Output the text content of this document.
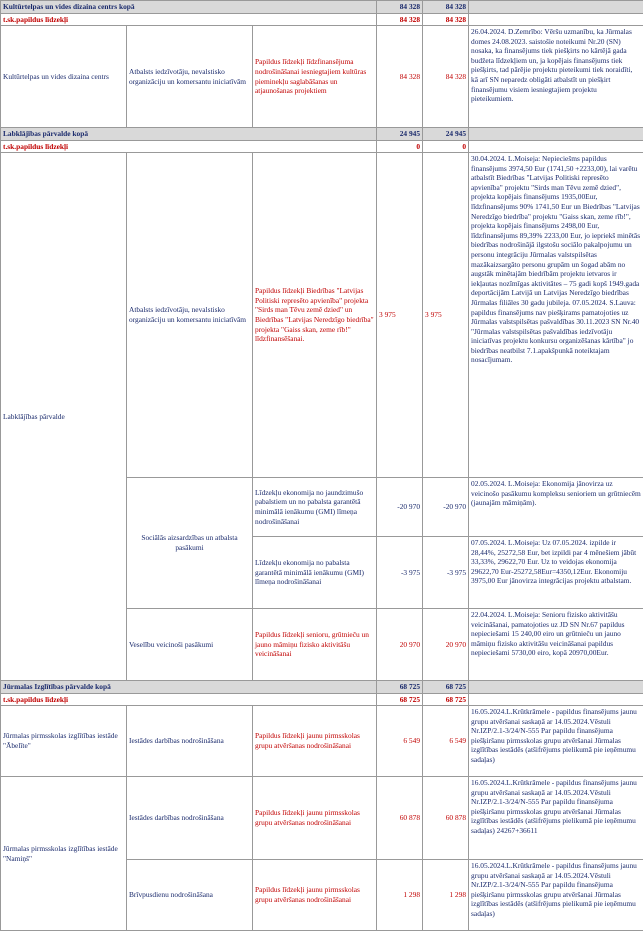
Kultūrtelpas un vides dizaina centrs kopā			84 328	84 328	
t.sk.papildus līdzekļi			84 328	84 328	
Kultūrtelpas un vides dizaina centrs	Atbalsts iedzīvotāju, nevalstisko organizāciju un komersantu iniciatīvām	Papildus līdzekļi līdzfinansējuma nodrošināšanai iesniegtajiem kultūras pieminekļu saglabāšanas un atjaunošanas projektiem	84 328	84 328	26.04.2024. D.Zemrībo: Vēršu uzmanību, ka Jūrmalas domes 24.08.2023. saistošie noteikumi Nr.20 (SN) nosaka, ka finansējums tiek piešķirts no kārtējā gada budžeta līdzekļiem un, ja kopējais finansējums tiek piešķirts, tad pārējie projektu pieteikumi tiek noraidīti, kā arī SN neparedz obligāti atbalstīt un piešķirt finansējumu visiem iesniegtajiem projektu pieteikumiem.
Labklājības pārvalde kopā			24 945	24 945	
t.sk.papildus līdzekļi			0	0	
Labklājības pārvalde	Atbalsts iedzīvotāju, nevalstisko organizāciju un komersantu iniciatīvām	Papildus līdzekļi Biedrības "Latvijas Politiski represēto apvienība" projekta "Sirds man Tēvu zemē dzied" un Biedrības "Latvijas Neredzīgo biedrība" projekta "Gaiss skan, zeme rīb!" līdzfinansēšanai.	3 975	3 975	30.04.2024. L.Moiseja: Nepieciešms papildus finansējums 3974,50 Eur (1741,50 +2233,00), lai varētu atbalstīt Biedrības "Latvijas Politiski represēto apvienība" projektu "Sirds man Tēvu zemē dzied", projekta kopējais finansējums 1935,00Eur, līdzfinansējums 90% 1741,50 Eur un Biedrības "Latvijas Neredzīgo biedrība" projektu "Gaiss skan, zeme rīb!", projekta kopējais finansējums 2498,00 Eur, līdzfinansējums 89,39% 2233,00 Eur, jo iepriekš minētās biedrības nodrošinājā ilgstošu sociālo pakalpojumu un personu integrāciju Jūrmalas valstspilsētas mazākaizsargāto personu grupām un šogad abām no augstāk minētajām biedrībām projektu ietvaros ir iekļautas nozīmīgas aktivitātes – 75 gadi kopš 1949.gada deportācijām Latvijā un Latvijas Neredzīgo biedrības Jūrmalas filiāles 30 gadu jubileja. 07.05.2024. S.Lauva: papildus finansējums nav piešķirams pamatojoties uz Jūrmalas valstspilsētas pašvaldības 30.11.2023 SN Nr.40 "Jūrmalas valstspilsētas pašvaldības iedzīvotāju iniciatīvas projektu konkursu organizēšanas kārtība" jo biedrības neatbilst 7.1.apakšpunkā noteiktajam nosacījumam.
	Sociālās aizsardzības un atbalsta pasākumi	Līdzekļu ekonomija no jaundzimušo pabalstiem un no pabalsta garantētā minimālā ienākumu (GMI) līmeņa nodrošināšanai	-20 970	-20 970	02.05.2024. L.Moiseja: Ekonomija jānovirza uz veicinošo pasākumu kompleksu senioriem un grūtniecēm (jaunajām māmiņām).
		Līdzekļu ekonomija no pabalsta garantētā minimālā ienākumu (GMI) līmeņa nodrošināšanai	-3 975	-3 975	07.05.2024. L.Moiseja: Uz 07.05.2024. izpilde ir 28,44%, 25272,58 Eur, bet izpildi par 4 mēnešiem jābūt 33,33%, 29622,70 Eur. Uz to veidojas ekonomija 29622,70 Eur-25272,58Eur=4350,12Eur. Ekonomiju 3975,00 Eur jānovirza integrācijas projektu atbalstam.
	Veselību veicinoši pasākumi	Papildus līdzekļi senioru, grūtnieču un jauno māmiņu fizisko aktivitāšu veicināšanai	20 970	20 970	22.04.2024. L.Moiseja: Senioru fizisko aktivitāšu veicināšanai, pamatojoties uz JD SN Nr.67 papildus nepieciešami 15 240,00 eiro un grūtnieču un jauno māmiņu fizisko aktivitāšu veicināšanai papildus nepieciešami 5730,00 eiro, kopā 20970,00Eur.
Jūrmalas Izglītības pārvalde kopā			68 725	68 725	
t.sk.papildus līdzekļi			68 725	68 725	
Jūrmalas pirmsskolas izglītības iestāde "Ābelīte"	Iestādes darbības nodrošināšana	Papildus līdzekļi jaunu pirmsskolas grupu atvēršanas nodrošināšanai	6 549	6 549	16.05.2024.L.Krūtkrāmele - papildus finansējums jaunu grupu atvēršanai saskaņā ar 14.05.2024.Vēstuli Nr.IZP/2.1-3/24/N-555 Par papildu finansējuma piešķiršanu pirmsskolas grupu atvēršanai Jūrmalas izglītības iestādēs (atšifrējums pielikumā pie ieņēmumu sadaļas)
Jūrmalas pirmsskolas izglītības iestāde "Namiņš"	Iestādes darbības nodrošināšana	Papildus līdzekļi jaunu pirmsskolas grupu atvēršanas nodrošināšanai	60 878	60 878	16.05.2024.L.Krūtkrāmele - papildus finansējums jaunu grupu atvēršanai saskaņā ar 14.05.2024.Vēstuli Nr.IZP/2.1-3/24/N-555 Par papildu finansējuma piešķiršanu pirmsskolas grupu atvēršanai Jūrmalas izglītības iestādēs (atšifrējums pielikumā pie ieņēmumu sadaļas) 24267+36611
	Brīvpusdienu nodrošināšana	Papildus līdzekļi jaunu pirmsskolas grupu atvēršanas nodrošināšanai	1 298	1 298	16.05.2024.L.Krūtkrāmele - papildus finansējums jaunu grupu atvēršanai saskaņā ar 14.05.2024.Vēstuli Nr.IZP/2.1-3/24/N-555 Par papildu finansējuma piešķiršanu pirmsskolas grupu atvēršanai Jūrmalas izglītības iestādēs (atšifrējums pielikumā pie ieņēmumu sadaļas)
